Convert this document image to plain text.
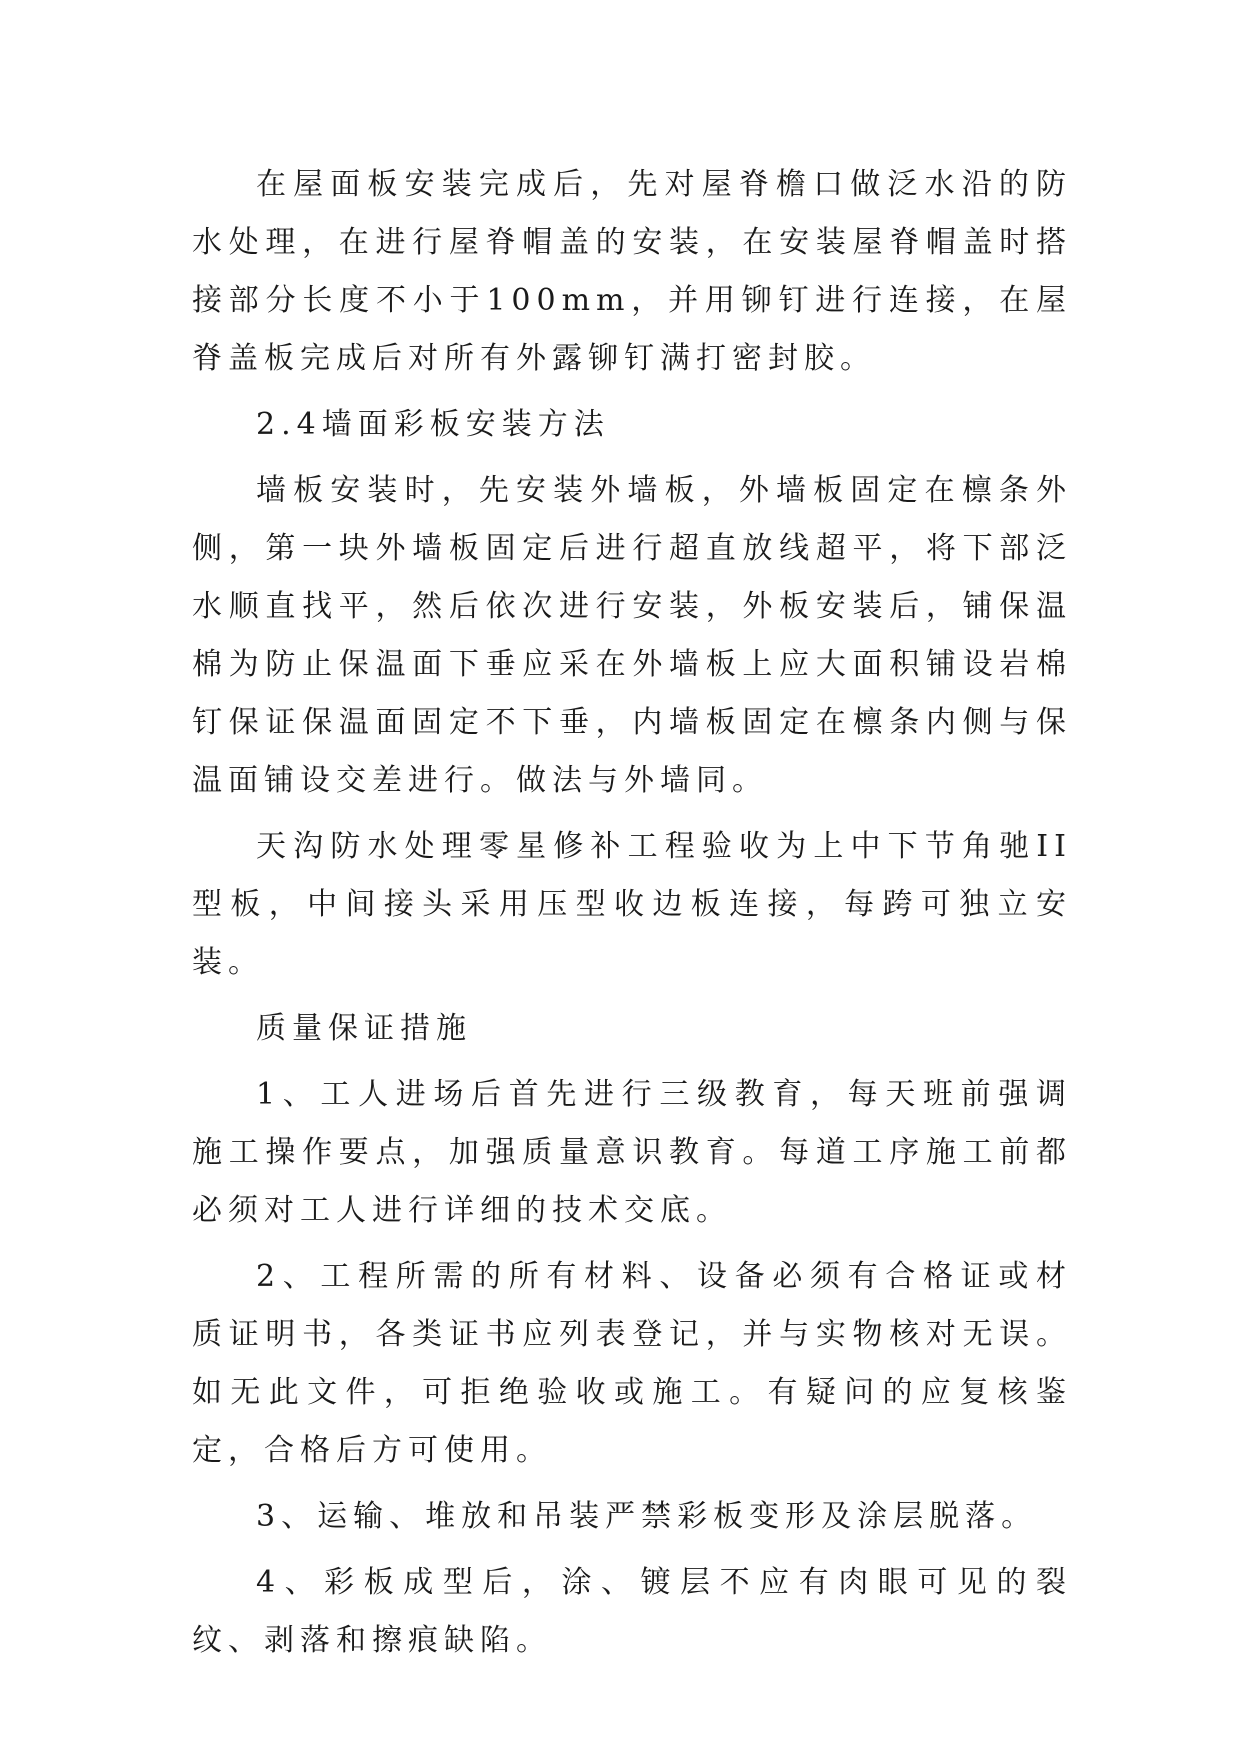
在屋面板安装完成后，先对屋脊檐口做泛水沿的防水处理，在进行屋脊帽盖的安装，在安装屋脊帽盖时搭接部分长度不小于100mm，并用铆钉进行连接，在屋脊盖板完成后对所有外露铆钉满打密封胶。

2.4墙面彩板安装方法

墙板安装时，先安装外墙板，外墙板固定在檩条外侧，第一块外墙板固定后进行超直放线超平，将下部泛水顺直找平，然后依次进行安装，外板安装后，铺保温棉为防止保温面下垂应采在外墙板上应大面积铺设岩棉钉保证保温面固定不下垂，内墙板固定在檩条内侧与保温面铺设交差进行。做法与外墙同。

天沟防水处理零星修补工程验收为上中下节角驰II型板，中间接头采用压型收边板连接，每跨可独立安装。

质量保证措施

1、工人进场后首先进行三级教育，每天班前强调施工操作要点，加强质量意识教育。每道工序施工前都必须对工人进行详细的技术交底。

2、工程所需的所有材料、设备必须有合格证或材质证明书，各类证书应列表登记，并与实物核对无误。如无此文件，可拒绝验收或施工。有疑问的应复核鉴定，合格后方可使用。

3、运输、堆放和吊装严禁彩板变形及涂层脱落。

4、彩板成型后，涂、镀层不应有肉眼可见的裂纹、剥落和擦痕缺陷。
